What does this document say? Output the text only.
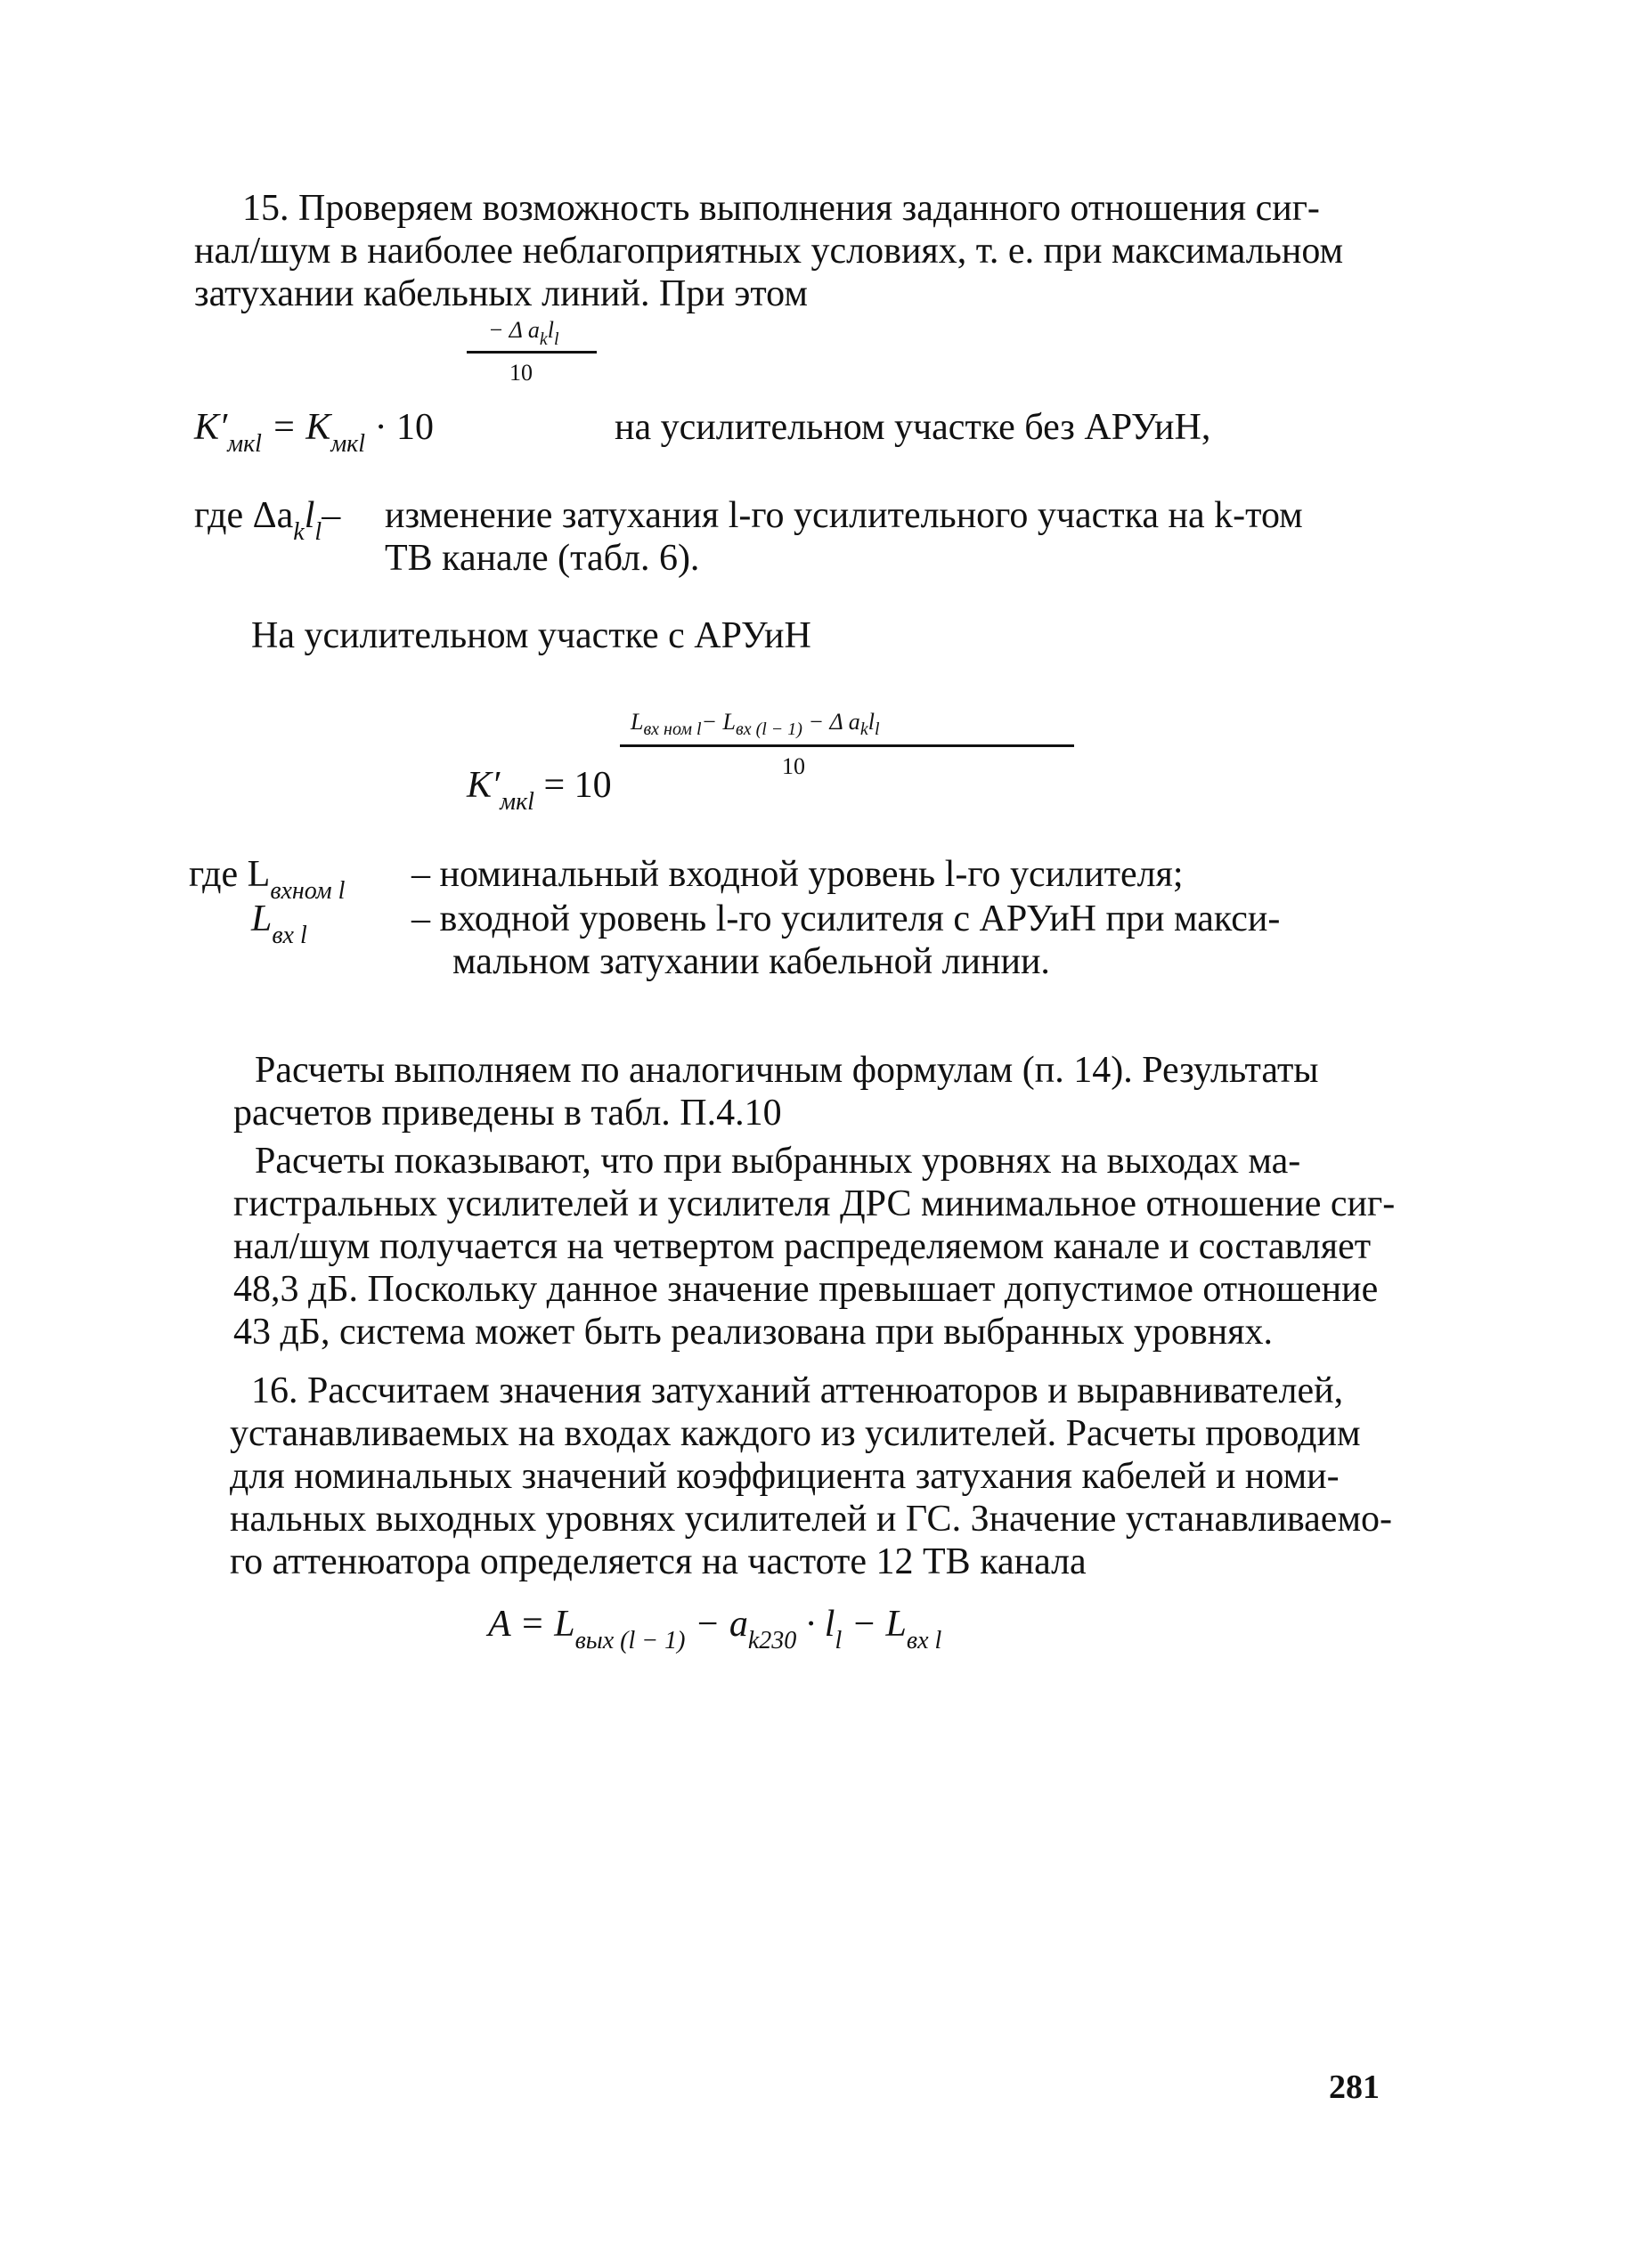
15. Проверяем возможность выполнения заданного отношения сиг-
нал/шум в наиболее неблагоприятных условиях, т. е. при максимальном
затухании кабельных линий. При этом
− Δ $a_kl_l$
10
$K'_{мкl} = K_{мкl} \cdot 10$	на усилительном участке без АРУиН,
где $\Delta a_kl_l-$ изменение затухания l-го усилительного участка на k-том
ТВ канале (табл. 6).
На усилительном участке с АРУиН
$L_{вх ном l}- L_{вх (l - 1)} - \Delta$ $a_kl_l$
10
$K'_{мкl} = 10$
где $L_{вхном l}$ – номинальный входной уровень l-го усилителя;
$L_{вх l}$	– входной уровень l-го усилителя с АРУиН при макси-
мальном затухании кабельной линии.
Расчеты выполняем по аналогичным формулам (п. 14). Результаты
расчетов приведены в табл. П.4.10
Расчеты показывают, что при выбранных уровнях на выходах ма-
гистральных усилителей и усилителя ДРС минимальное отношение сиг-
нал/шум получается на четвертом распределяемом канале и составляет
48,3 дБ. Поскольку данное значение превышает допустимое отношение
43 дБ, система может быть реализована при выбранных уровнях.
16. Рассчитаем значения затуханий аттенюаторов и выравнивателей,
устанавливаемых на входах каждого из усилителей. Расчеты проводим
для номинальных значений коэффициента затухания кабелей и номи-
нальных выходных уровнях усилителей и ГС. Значение устанавливаемо-
го аттенюатора определяется на частоте 12 ТВ канала
$A = L_{вых (l - 1)} - a_{k230} \cdot l_l - L_{вх l}$
281
